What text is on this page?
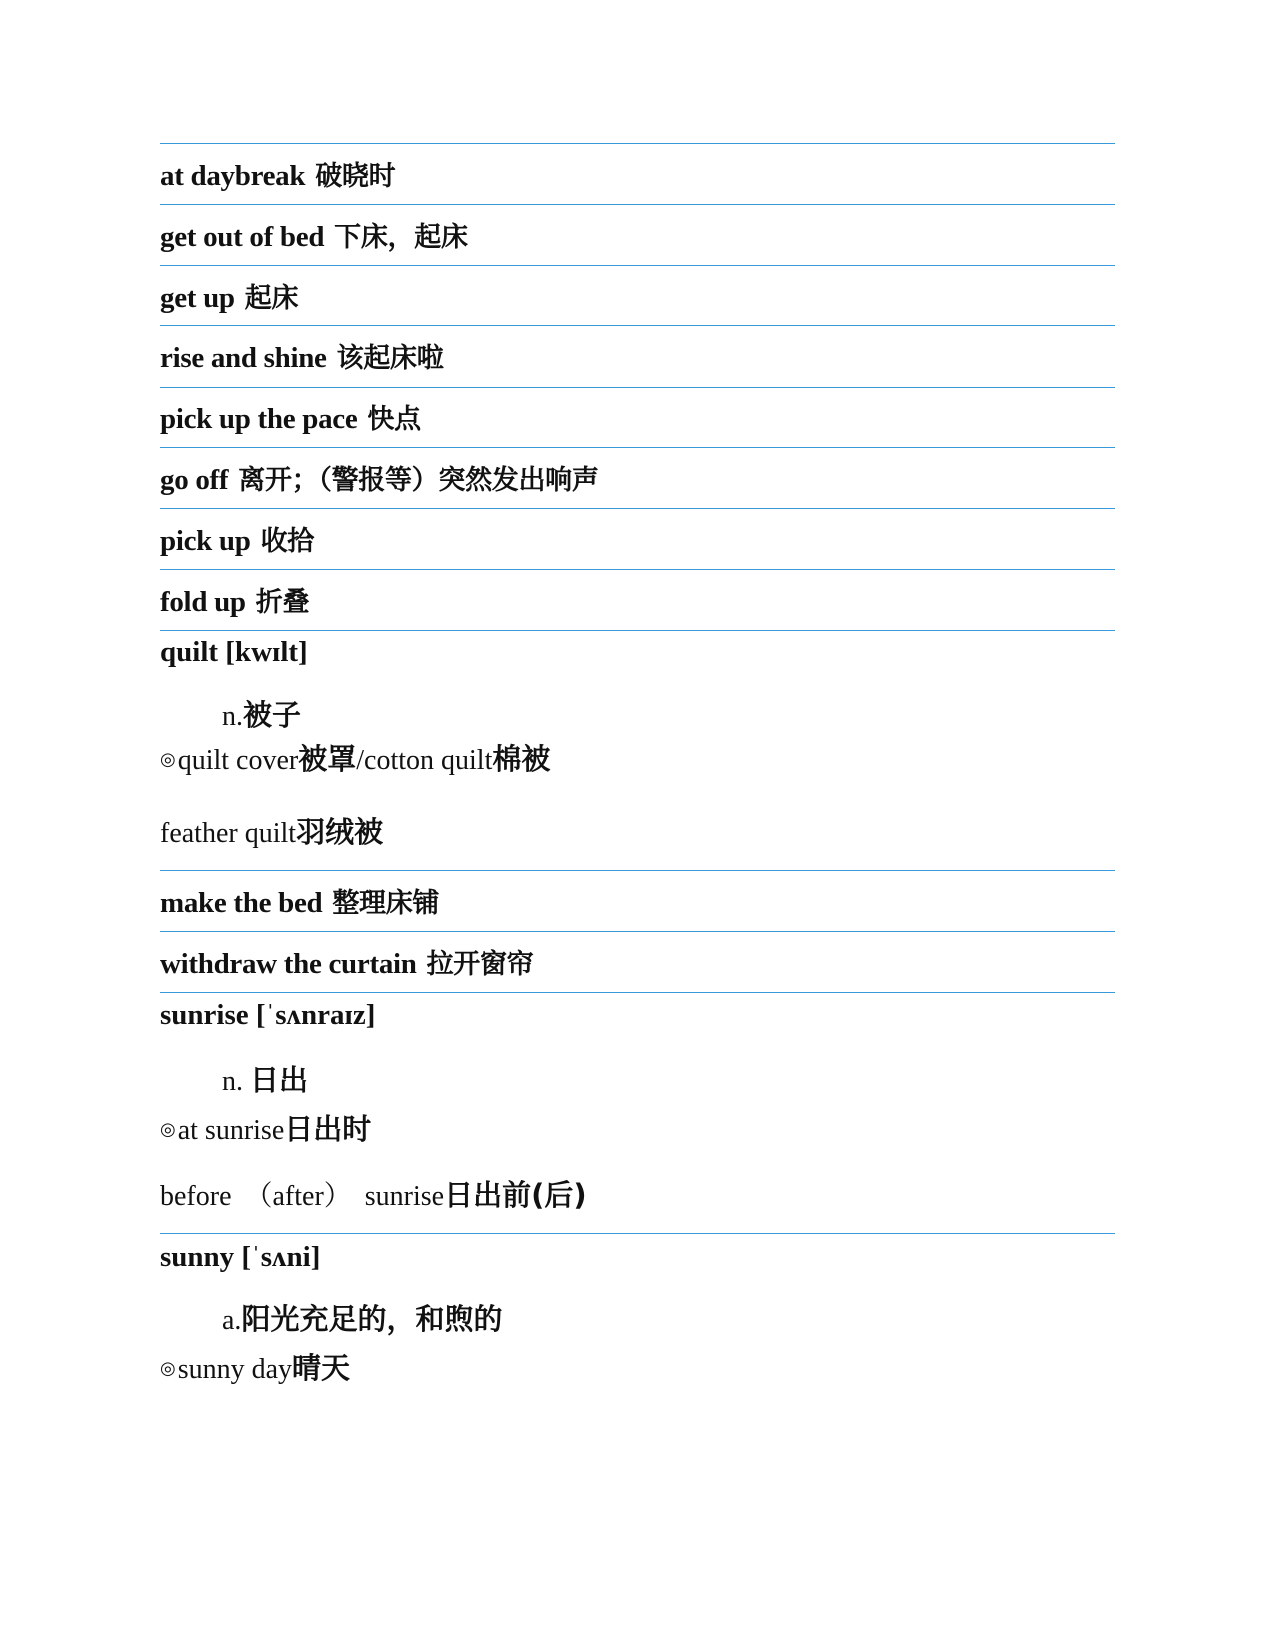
at daybreak 破晓时
get out of bed 下床，起床
get up 起床
rise and shine 该起床啦
pick up the pace 快点
go off 离开；（警报等）突然发出响声
pick up 收拾
fold up 折叠
quilt [kwɪlt]
n.被子
◎quilt cover被罩/cotton quilt棉被
feather quilt羽绒被
make the bed 整理床铺
withdraw the curtain 拉开窗帘
sunrise [ˈsʌnraɪz]
n. 日出
◎at sunrise日出时
before （after） sunrise日出前(后)
sunny [ˈsʌni]
a.阳光充足的，和煦的
◎sunny day晴天
